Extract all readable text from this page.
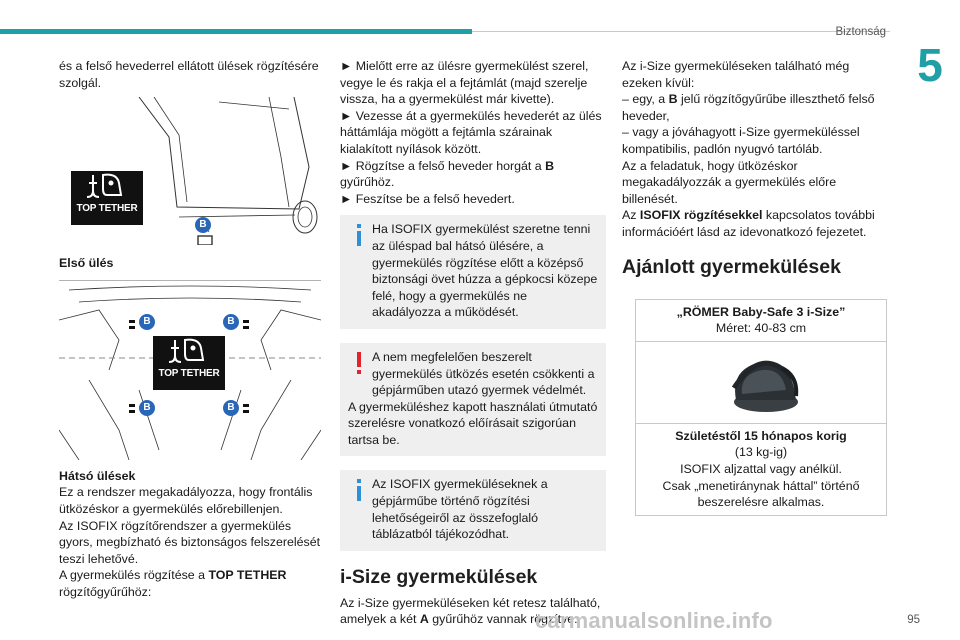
Biztonság
5
95

és a felső hevederrel ellátott ülések rögzítésére szolgál.

B
TOP TETHER

Első ülés

B	B
B	B
TOP TETHER

Hátsó ülések

Ez a rendszer megakadályozza, hogy frontális ütközéskor a gyermekülés előrebillenjen.

Az ISOFIX rögzítőrendszer a gyermekülés gyors, megbízható és biztonságos felszerelését teszi lehetővé.

A gyermekülés rögzítése a TOP TETHER rögzítőgyűrűhöz:

► Mielőtt erre az ülésre gyermekülést szerel, vegye le és rakja el a fejtámlát (majd szerelje vissza, ha a gyermekülést már kivette).

► Vezesse át a gyermekülés hevederét az ülés háttámlája mögött a fejtámla szárainak kialakított nyílások között.

► Rögzítse a felső heveder horgát a B gyűrűhöz.

► Feszítse be a felső hevedert.

Ha ISOFIX gyermekülést szeretne tenni az üléspad bal hátsó ülésére, a gyermekülés rögzítése előtt a középső biztonsági övet húzza a gépkocsi közepe felé, hogy a gyermekülés ne akadályozza a működését.

A nem megfelelően beszerelt gyermekülés ütközés esetén csökkenti a gépjárműben utazó gyermek védelmét.

A gyermeküléshez kapott használati útmutató szerelésre vonatkozó előírásait szigorúan tartsa be.

Az ISOFIX gyermeküléseknek a gépjárműbe történő rögzítési lehetőségeiről az összefoglaló táblázatból tájékozódhat.

i-Size gyermekülések

Az i-Size gyermeküléseken két retesz található, amelyek a két A gyűrűhöz vannak rögzítve.

Az i-Size gyermeküléseken található még ezeken kívül:

– egy, a B jelű rögzítőgyűrűbe illeszthető felső heveder,

– vagy a jóváhagyott i-Size gyermeküléssel kompatibilis, padlón nyugvó tartóláb.

Az a feladatuk, hogy ütközéskor megakadályozzák a gyermekülés előre billenését.

Az ISOFIX rögzítésekkel kapcsolatos további információért lásd az idevonatkozó fejezetet.

Ajánlott gyermekülések

„RÖMER Baby-Safe 3 i-Size”

Méret: 40-83 cm

Születéstől 15 hónapos korig

(13 kg-ig)

ISOFIX aljzattal vagy anélkül.

Csak „menetiránynak háttal” történő beszerelésre alkalmas.

carmanualsonline.info
